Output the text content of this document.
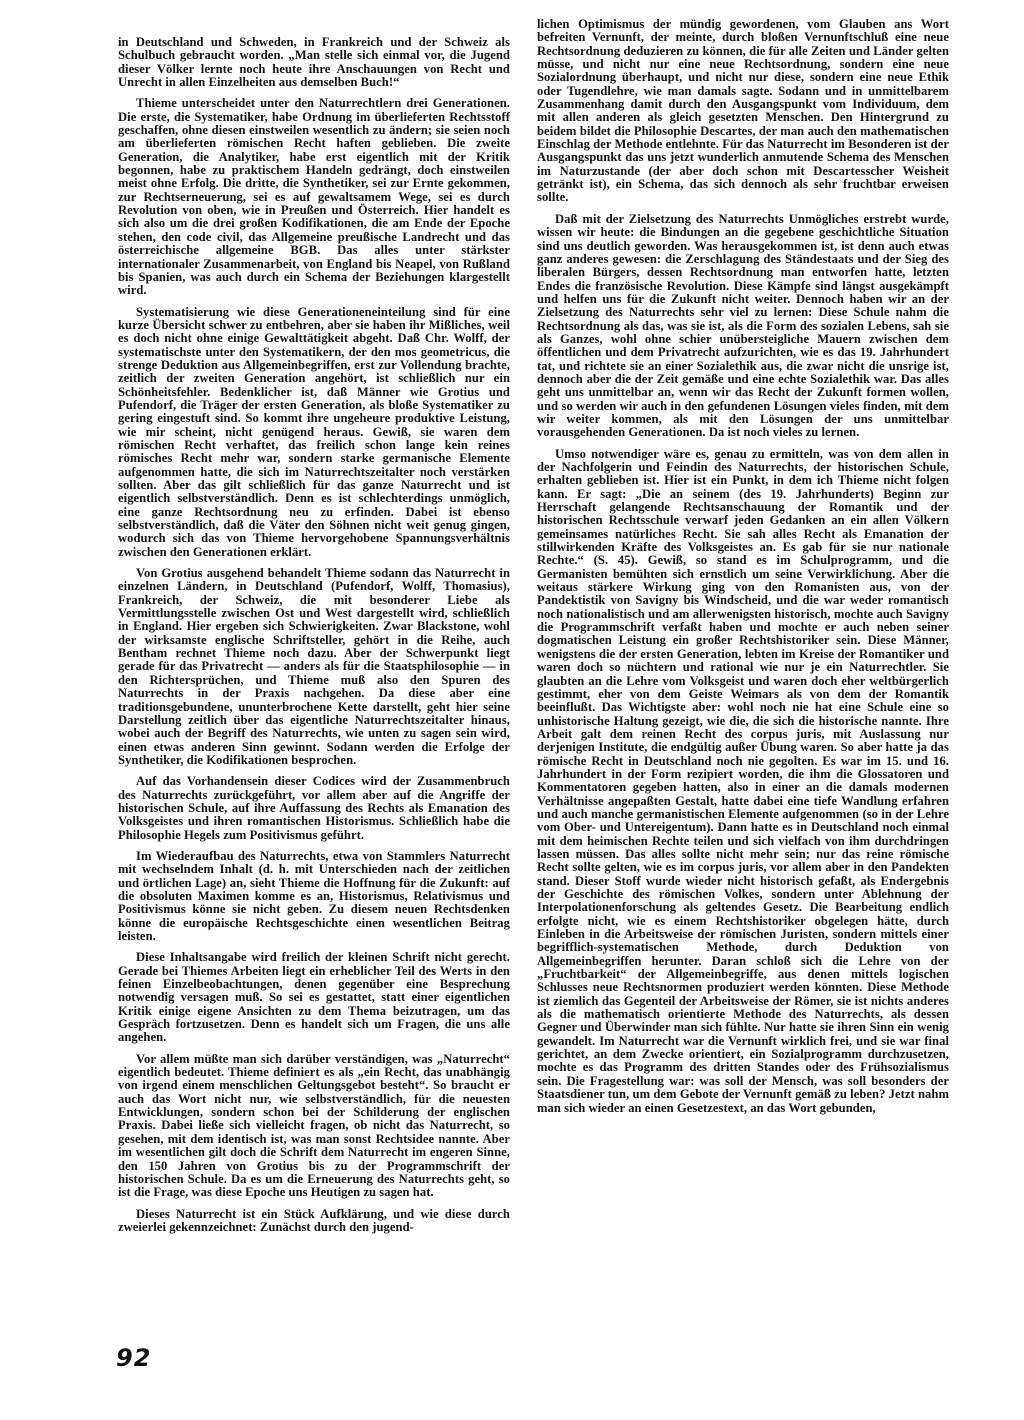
in Deutschland und Schweden, in Frankreich und der Schweiz als Schulbuch gebraucht worden. „Man stelle sich einmal vor, die Jugend dieser Völker lernte noch heute ihre Anschauungen von Recht und Unrecht in allen Einzelheiten aus demselben Buch!“

Thieme unterscheidet unter den Naturrechtlern drei Generationen. Die erste, die Systematiker, habe Ordnung im überlieferten Rechtsstoff geschaffen, ohne diesen einstweilen wesentlich zu ändern; sie seien noch am überlieferten römischen Recht haften geblieben. Die zweite Generation, die Analytiker, habe erst eigentlich mit der Kritik begonnen, habe zu praktischem Handeln gedrängt, doch einstweilen meist ohne Erfolg. Die dritte, die Synthetiker, sei zur Ernte gekommen, zur Rechtserneuerung, sei es auf gewaltsamem Wege, sei es durch Revolution von oben, wie in Preußen und Österreich. Hier handelt es sich also um die drei großen Kodifikationen, die am Ende der Epoche stehen, den code civil, das Allgemeine preußische Landrecht und das österreichische allgemeine BGB. Das alles unter stärkster internationaler Zusammenarbeit, von England bis Neapel, von Rußland bis Spanien, was auch durch ein Schema der Beziehungen klargestellt wird.

Systematisierung wie diese Generationeneinteilung sind für eine kurze Übersicht schwer zu entbehren, aber sie haben ihr Mißliches, weil es doch nicht ohne einige Gewalttätigkeit abgeht. Daß Chr. Wolff, der systematischste unter den Systematikern, der den mos geometricus, die strenge Deduktion aus Allgemeinbegriffen, erst zur Vollendung brachte, zeitlich der zweiten Generation angehört, ist schließlich nur ein Schönheitsfehler. Bedenklicher ist, daß Männer wie Grotius und Pufendorf, die Träger der ersten Generation, als bloße Systematiker zu gering eingestuft sind. So kommt ihre ungeheure produktive Leistung, wie mir scheint, nicht genügend heraus. Gewiß, sie waren dem römischen Recht verhaftet, das freilich schon lange kein reines römisches Recht mehr war, sondern starke germanische Elemente aufgenommen hatte, die sich im Naturrechtszeitalter noch verstärken sollten. Aber das gilt schließlich für das ganze Naturrecht und ist eigentlich selbstverständlich. Denn es ist schlechterdings unmöglich, eine ganze Rechtsordnung neu zu erfinden. Dabei ist ebenso selbstverständlich, daß die Väter den Söhnen nicht weit genug gingen, wodurch sich das von Thieme hervorgehobene Spannungsverhältnis zwischen den Generationen erklärt.

Von Grotius ausgehend behandelt Thieme sodann das Naturrecht in einzelnen Ländern, in Deutschland (Pufendorf, Wolff, Thomasius), Frankreich, der Schweiz, die mit besonderer Liebe als Vermittlungsstelle zwischen Ost und West dargestellt wird, schließlich in England. Hier ergeben sich Schwierigkeiten. Zwar Blackstone, wohl der wirksamste englische Schriftsteller, gehört in die Reihe, auch Bentham rechnet Thieme noch dazu. Aber der Schwerpunkt liegt gerade für das Privatrecht — anders als für die Staatsphilosophie — in den Richtersprüchen, und Thieme muß also den Spuren des Naturrechts in der Praxis nachgehen. Da diese aber eine traditionsgebundene, ununterbrochene Kette darstellt, geht hier seine Darstellung zeitlich über das eigentliche Naturrechtszeitalter hinaus, wobei auch der Begriff des Naturrechts, wie unten zu sagen sein wird, einen etwas anderen Sinn gewinnt. Sodann werden die Erfolge der Synthetiker, die Kodifikationen besprochen.

Auf das Vorhandensein dieser Codices wird der Zusammenbruch des Naturrechts zurückgeführt, vor allem aber auf die Angriffe der historischen Schule, auf ihre Auffassung des Rechts als Emanation des Volksgeistes und ihren romantischen Historismus. Schließlich habe die Philosophie Hegels zum Positivismus geführt.

Im Wiederaufbau des Naturrechts, etwa von Stammlers Naturrecht mit wechselndem Inhalt (d. h. mit Unterschieden nach der zeitlichen und örtlichen Lage) an, sieht Thieme die Hoffnung für die Zukunft: auf die obsoluten Maximen komme es an, Historismus, Relativismus und Positivismus könne sie nicht geben. Zu diesem neuen Rechtsdenken könne die europäische Rechtsgeschichte einen wesentlichen Beitrag leisten.

Diese Inhaltsangabe wird freilich der kleinen Schrift nicht gerecht. Gerade bei Thiemes Arbeiten liegt ein erheblicher Teil des Werts in den feinen Einzelbeobachtungen, denen gegenüber eine Besprechung notwendig versagen muß. So sei es gestattet, statt einer eigentlichen Kritik einige eigene Ansichten zu dem Thema beizutragen, um das Gespräch fortzusetzen. Denn es handelt sich um Fragen, die uns alle angehen.

Vor allem müßte man sich darüber verständigen, was „Naturrecht“ eigentlich bedeutet. Thieme definiert es als „ein Recht, das unabhängig von irgend einem menschlichen Geltungsgebot besteht“. So braucht er auch das Wort nicht nur, wie selbstverständlich, für die neuesten Entwicklungen, sondern schon bei der Schilderung der englischen Praxis. Dabei ließe sich vielleicht fragen, ob nicht das Naturrecht, so gesehen, mit dem identisch ist, was man sonst Rechtsidee nannte. Aber im wesentlichen gilt doch die Schrift dem Naturrecht im engeren Sinne, den 150 Jahren von Grotius bis zu der Programmschrift der historischen Schule. Da es um die Erneuerung des Naturrechts geht, so ist die Frage, was diese Epoche uns Heutigen zu sagen hat.

Dieses Naturrecht ist ein Stück Aufklärung, und wie diese durch zweierlei gekennzeichnet: Zunächst durch den jugend-

lichen Optimismus der mündig gewordenen, vom Glauben ans Wort befreiten Vernunft, der meinte, durch bloßen Vernunftschluß eine neue Rechtsordnung deduzieren zu können, die für alle Zeiten und Länder gelten müsse, und nicht nur eine neue Rechtsordnung, sondern eine neue Sozialordnung überhaupt, und nicht nur diese, sondern eine neue Ethik oder Tugendlehre, wie man damals sagte. Sodann und in unmittelbarem Zusammenhang damit durch den Ausgangspunkt vom Individuum, dem mit allen anderen als gleich gesetzten Menschen. Den Hintergrund zu beidem bildet die Philosophie Descartes, der man auch den mathematischen Einschlag der Methode entlehnte. Für das Naturrecht im Besonderen ist der Ausgangspunkt das uns jetzt wunderlich anmutende Schema des Menschen im Naturzustande (der aber doch schon mit Descartesscher Weisheit getränkt ist), ein Schema, das sich dennoch als sehr fruchtbar erweisen sollte.

Daß mit der Zielsetzung des Naturrechts Unmögliches erstrebt wurde, wissen wir heute: die Bindungen an die gegebene geschichtliche Situation sind uns deutlich geworden. Was herausgekommen ist, ist denn auch etwas ganz anderes gewesen: die Zerschlagung des Ständestaats und der Sieg des liberalen Bürgers, dessen Rechtsordnung man entworfen hatte, letzten Endes die französische Revolution. Diese Kämpfe sind längst ausgekämpft und helfen uns für die Zukunft nicht weiter. Dennoch haben wir an der Zielsetzung des Naturrechts sehr viel zu lernen: Diese Schule nahm die Rechtsordnung als das, was sie ist, als die Form des sozialen Lebens, sah sie als Ganzes, wohl ohne schier unübersteigliche Mauern zwischen dem öffentlichen und dem Privatrecht aufzurichten, wie es das 19. Jahrhundert tat, und richtete sie an einer Sozialethik aus, die zwar nicht die unsrige ist, dennoch aber die der Zeit gemäße und eine echte Sozialethik war. Das alles geht uns unmittelbar an, wenn wir das Recht der Zukunft formen wollen, und so werden wir auch in den gefundenen Lösungen vieles finden, mit dem wir weiter kommen, als mit den Lösungen der uns unmittelbar vorausgehenden Generationen. Da ist noch vieles zu lernen.

Umso notwendiger wäre es, genau zu ermitteln, was von dem allen in der Nachfolgerin und Feindin des Naturrechts, der historischen Schule, erhalten geblieben ist. Hier ist ein Punkt, in dem ich Thieme nicht folgen kann. Er sagt: „Die an seinem (des 19. Jahrhunderts) Beginn zur Herrschaft gelangende Rechtsanschauung der Romantik und der historischen Rechtsschule verwarf jeden Gedanken an ein allen Völkern gemeinsames natürliches Recht. Sie sah alles Recht als Emanation der stillwirkenden Kräfte des Volksgeistes an. Es gab für sie nur nationale Rechte.“ (S. 45). Gewiß, so stand es im Schulprogramm, und die Germanisten bemühten sich ernstlich um seine Verwirklichung. Aber die weitaus stärkere Wirkung ging von den Romanisten aus, von der Pandektistik von Savigny bis Windscheid, und die war weder romantisch noch nationalistisch und am allerwenigsten historisch, mochte auch Savigny die Programmschrift verfaßt haben und mochte er auch neben seiner dogmatischen Leistung ein großer Rechtshistoriker sein. Diese Männer, wenigstens die der ersten Generation, lebten im Kreise der Romantiker und waren doch so nüchtern und rational wie nur je ein Naturrechtler. Sie glaubten an die Lehre vom Volksgeist und waren doch eher weltbürgerlich gestimmt, eher von dem Geiste Weimars als von dem der Romantik beeinflußt. Das Wichtigste aber: wohl noch nie hat eine Schule eine so unhistorische Haltung gezeigt, wie die, die sich die historische nannte. Ihre Arbeit galt dem reinen Recht des corpus juris, mit Auslassung nur derjenigen Institute, die endgültig außer Übung waren. So aber hatte ja das römische Recht in Deutschland noch nie gegolten. Es war im 15. und 16. Jahrhundert in der Form rezipiert worden, die ihm die Glossatoren und Kommentatoren gegeben hatten, also in einer an die damals modernen Verhältnisse angepaßten Gestalt, hatte dabei eine tiefe Wandlung erfahren und auch manche germanistischen Elemente aufgenommen (so in der Lehre vom Ober- und Untereigentum). Dann hatte es in Deutschland noch einmal mit dem heimischen Rechte teilen und sich vielfach von ihm durchdringen lassen müssen. Das alles sollte nicht mehr sein; nur das reine römische Recht sollte gelten, wie es im corpus juris, vor allem aber in den Pandekten stand. Dieser Stoff wurde wieder nicht historisch gefaßt, als Endergebnis der Geschichte des römischen Volkes, sondern unter Ablehnung der Interpolationenforschung als geltendes Gesetz. Die Bearbeitung endlich erfolgte nicht, wie es einem Rechtshistoriker obgelegen hätte, durch Einleben in die Arbeitsweise der römischen Juristen, sondern mittels einer begrifflich-systematischen Methode, durch Deduktion von Allgemeinbegriffen herunter. Daran schloß sich die Lehre von der „Fruchtbarkeit“ der Allgemeinbegriffe, aus denen mittels logischen Schlusses neue Rechtsnormen produziert werden könnten. Diese Methode ist ziemlich das Gegenteil der Arbeitsweise der Römer, sie ist nichts anderes als die mathematisch orientierte Methode des Naturrechts, als dessen Gegner und Überwinder man sich fühlte. Nur hatte sie ihren Sinn ein wenig gewandelt. Im Naturrecht war die Vernunft wirklich frei, und sie war final gerichtet, an dem Zwecke orientiert, ein Sozialprogramm durchzusetzen, mochte es das Programm des dritten Standes oder des Frühsozialismus sein. Die Fragestellung war: was soll der Mensch, was soll besonders der Staatsdiener tun, um dem Gebote der Vernunft gemäß zu leben? Jetzt nahm man sich wieder an einen Gesetzestext, an das Wort gebunden,

92
